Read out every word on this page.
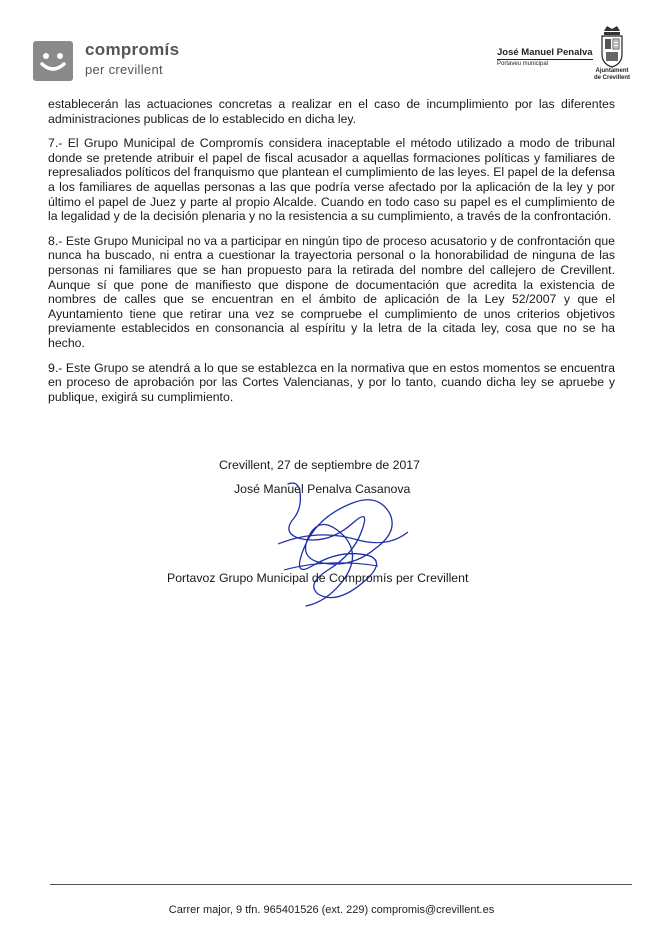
compromís
per crevillent
José Manuel Penalva
Portaveu municipal
Ajuntament
de Crevillent

establecerán las actuaciones concretas a realizar en el caso de incumplimiento por las diferentes administraciones publicas de lo establecido en dicha ley.

7.- El Grupo Municipal de Compromís considera inaceptable el método utilizado a modo de tribunal donde se pretende atribuir el papel de fiscal acusador a aquellas formaciones políticas y familiares de represaliados políticos del franquismo que plantean el cumplimiento de las leyes. El papel de la defensa a los familiares de aquellas personas a las que podría verse afectado por la aplicación de la ley y por último el papel de Juez y parte al propio Alcalde. Cuando en todo caso su papel es el cumplimiento de la legalidad y de la decisión plenaria y no la resistencia a su cumplimiento, a través de la confrontación.

8.- Este Grupo Municipal no va a participar en ningún tipo de proceso acusatorio y de confrontación que nunca ha buscado, ni entra a cuestionar la trayectoria personal o la honorabilidad de ninguna de las personas ni familiares que se han propuesto para la retirada del nombre del callejero de Crevillent. Aunque sí que pone de manifiesto que dispone de documentación que acredita la existencia de nombres de calles que se encuentran en el ámbito de aplicación de la Ley 52/2007 y que el Ayuntamiento tiene que retirar una vez se compruebe el cumplimiento de unos criterios objetivos previamente establecidos en consonancia al espíritu y la letra de la citada ley, cosa que no se ha hecho.

9.- Este Grupo se atendrá a lo que se establezca en la normativa que en estos momentos se encuentra en proceso de aprobación por las Cortes Valencianas, y por lo tanto, cuando dicha ley se apruebe y publique, exigirá su cumplimiento.

Crevillent, 27 de septiembre de 2017
José Manuel Penalva Casanova
Portavoz Grupo Municipal de Compromís per Crevillent
Carrer major, 9 tfn. 965401526 (ext. 229) compromis@crevillent.es
